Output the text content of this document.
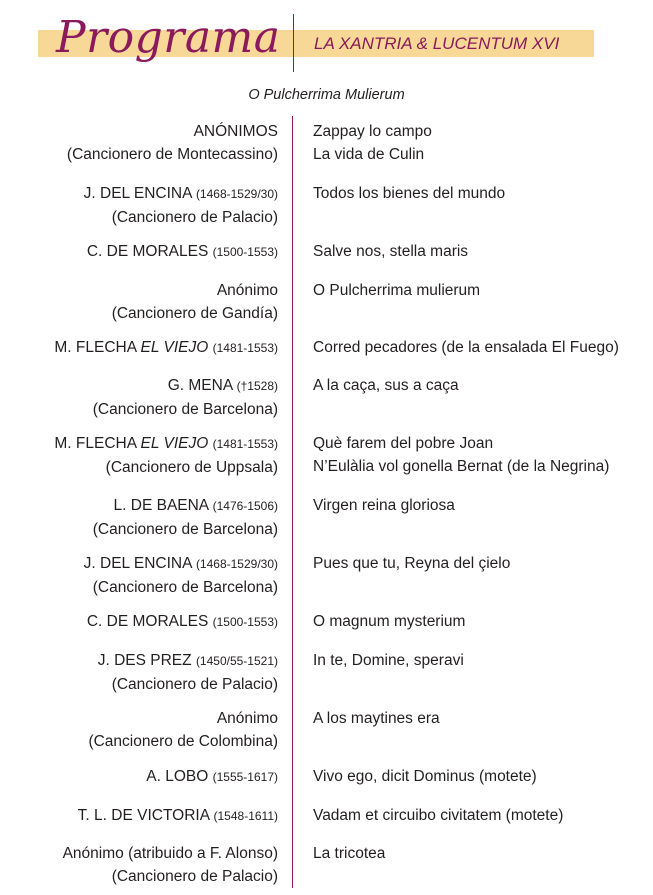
Programa LA XANTRIA & LUCENTUM XVI
O Pulcherrima Mulierum
ANÓNIMOS
(Cancionero de Montecassino)
Zappay lo campo
La vida de Culin
J. DEL ENCINA (1468-1529/30)
(Cancionero de Palacio)
Todos los bienes del mundo
C. DE MORALES (1500-1553) Salve nos, stella maris
Anónimo
(Cancionero de Gandía)
O Pulcherrima mulierum
M. FLECHA EL VIEJO (1481-1553) Corred pecadores (de la ensalada El Fuego)
G. MENA (†1528)
(Cancionero de Barcelona)
A la caça, sus a caça
M. FLECHA EL VIEJO (1481-1553)
(Cancionero de Uppsala)
Què farem del pobre Joan
N’Eulàlia vol gonella Bernat (de la Negrina)
L. DE BAENA (1476-1506)
(Cancionero de Barcelona)
Virgen reina gloriosa
J. DEL ENCINA (1468-1529/30)
(Cancionero de Barcelona)
Pues que tu, Reyna del çielo
C. DE MORALES (1500-1553) O magnum mysterium
J. DES PREZ (1450/55-1521)
(Cancionero de Palacio)
In te, Domine, speravi
Anónimo
(Cancionero de Colombina)
A los maytines era
A. LOBO (1555-1617) Vivo ego, dicit Dominus (motete)
T. L. DE VICTORIA (1548-1611) Vadam et circuibo civitatem (motete)
Anónimo (atribuido a F. Alonso)
(Cancionero de Palacio)
La tricotea
